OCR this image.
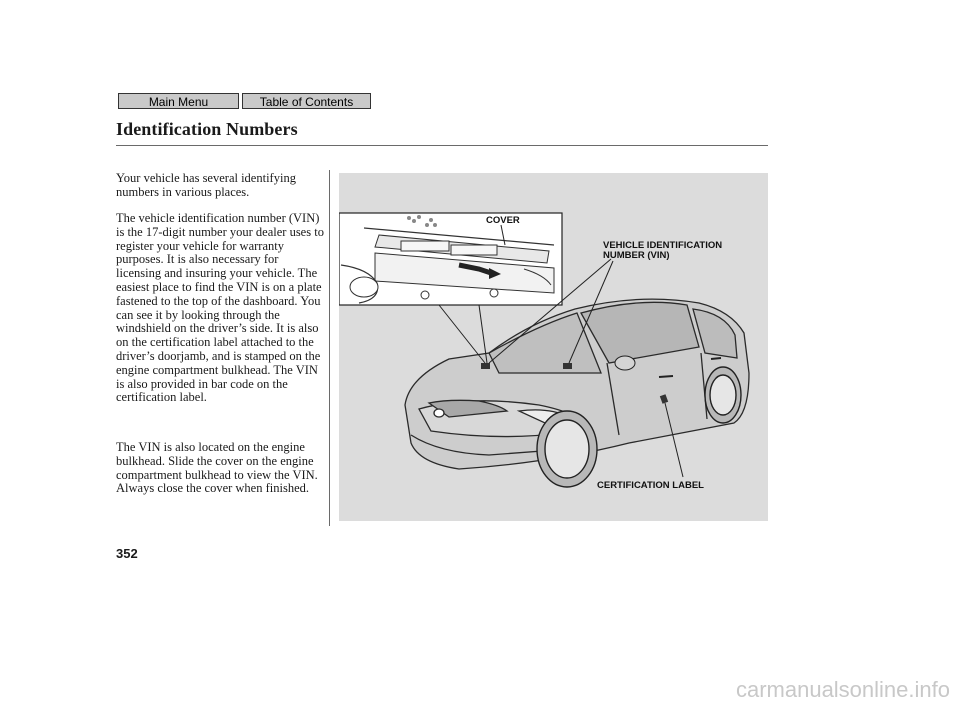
Main Menu	Table of Contents
Identification Numbers

Your vehicle has several identifying numbers in various places.

The vehicle identification number (VIN) is the 17-digit number your dealer uses to register your vehicle for warranty purposes. It is also necessary for licensing and insuring your vehicle. The easiest place to find the VIN is on a plate fastened to the top of the dashboard. You can see it by looking through the windshield on the driver’s side. It is also on the certification label attached to the driver’s doorjamb, and is stamped on the engine compartment bulkhead. The VIN is also provided in bar code on the certification label.

The VIN is also located on the engine bulkhead. Slide the cover on the engine compartment bulkhead to view the VIN. Always close the cover when finished.

COVER
VEHICLE IDENTIFICATION
NUMBER (VIN)
CERTIFICATION LABEL
352
carmanualsonline.info
